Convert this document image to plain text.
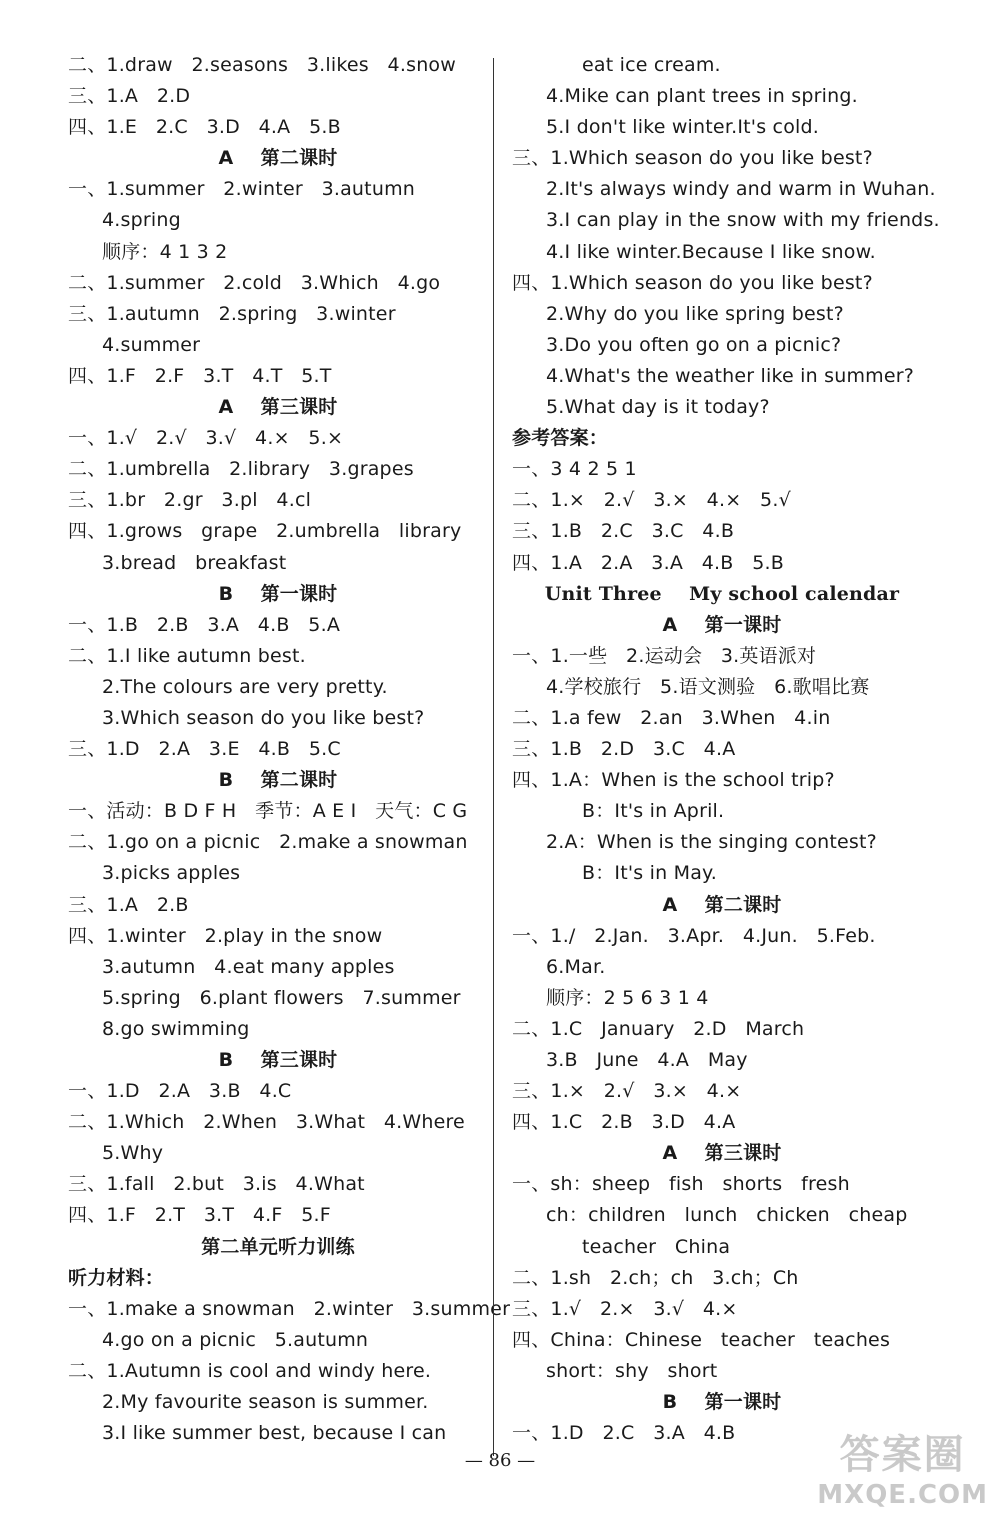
二、1.draw   2.seasons   3.likes   4.snow
三、1.A   2.D
四、1.E   2.C   3.D   4.A   5.B
A    第二课时
一、1.summer   2.winter   3.autumn
4.spring
顺序：4 1 3 2
二、1.summer   2.cold   3.Which   4.go
三、1.autumn   2.spring   3.winter
4.summer
四、1.F   2.F   3.T   4.T   5.T
A    第三课时
一、1.√   2.√   3.√   4.×   5.×
二、1.umbrella   2.library   3.grapes
三、1.br   2.gr   3.pl   4.cl
四、1.grows   grape   2.umbrella   library
3.bread   breakfast
B    第一课时
一、1.B   2.B   3.A   4.B   5.A
二、1.I like autumn best.
2.The colours are very pretty.
3.Which season do you like best?
三、1.D   2.A   3.E   4.B   5.C
B    第二课时
一、活动：B D F H   季节：A E I   天气：C G
二、1.go on a picnic   2.make a snowman
3.picks apples
三、1.A   2.B
四、1.winter   2.play in the snow
3.autumn   4.eat many apples
5.spring   6.plant flowers   7.summer
8.go swimming
B    第三课时
一、1.D   2.A   3.B   4.C
二、1.Which   2.When   3.What   4.Where
5.Why
三、1.fall   2.but   3.is   4.What
四、1.F   2.T   3.T   4.F   5.F
第二单元听力训练
听力材料：
一、1.make a snowman   2.winter   3.summer
4.go on a picnic   5.autumn
二、1.Autumn is cool and windy here.
2.My favourite season is summer.
3.I like summer best, because I can
eat ice cream.
4.Mike can plant trees in spring.
5.I don't like winter.It's cold.
三、1.Which season do you like best?
2.It's always windy and warm in Wuhan.
3.I can play in the snow with my friends.
4.I like winter.Because I like snow.
四、1.Which season do you like best?
2.Why do you like spring best?
3.Do you often go on a picnic?
4.What's the weather like in summer?
5.What day is it today?
参考答案：
一、3 4 2 5 1
二、1.×   2.√   3.×   4.×   5.√
三、1.B   2.C   3.C   4.B
四、1.A   2.A   3.A   4.B   5.B
Unit Three    My school calendar
A    第一课时
一、1.一些   2.运动会   3.英语派对
4.学校旅行   5.语文测验   6.歌唱比赛
二、1.a few   2.an   3.When   4.in
三、1.B   2.D   3.C   4.A
四、1.A：When is the school trip?
B：It's in April.
2.A：When is the singing contest?
B：It's in May.
A    第二课时
一、1./   2.Jan.   3.Apr.   4.Jun.   5.Feb.
6.Mar.
顺序：2 5 6 3 1 4
二、1.C   January   2.D   March
3.B   June   4.A   May
三、1.×   2.√   3.×   4.×
四、1.C   2.B   3.D   4.A
A    第三课时
一、sh：sheep   fish   shorts   fresh
ch：children   lunch   chicken   cheap
teacher   China
二、1.sh   2.ch；ch   3.ch；Ch
三、1.√   2.×   3.√   4.×
四、China：Chinese   teacher   teaches
short：shy   short
B    第一课时
一、1.D   2.C   3.A   4.B
— 86 —	答案圈
MXQE.COM
